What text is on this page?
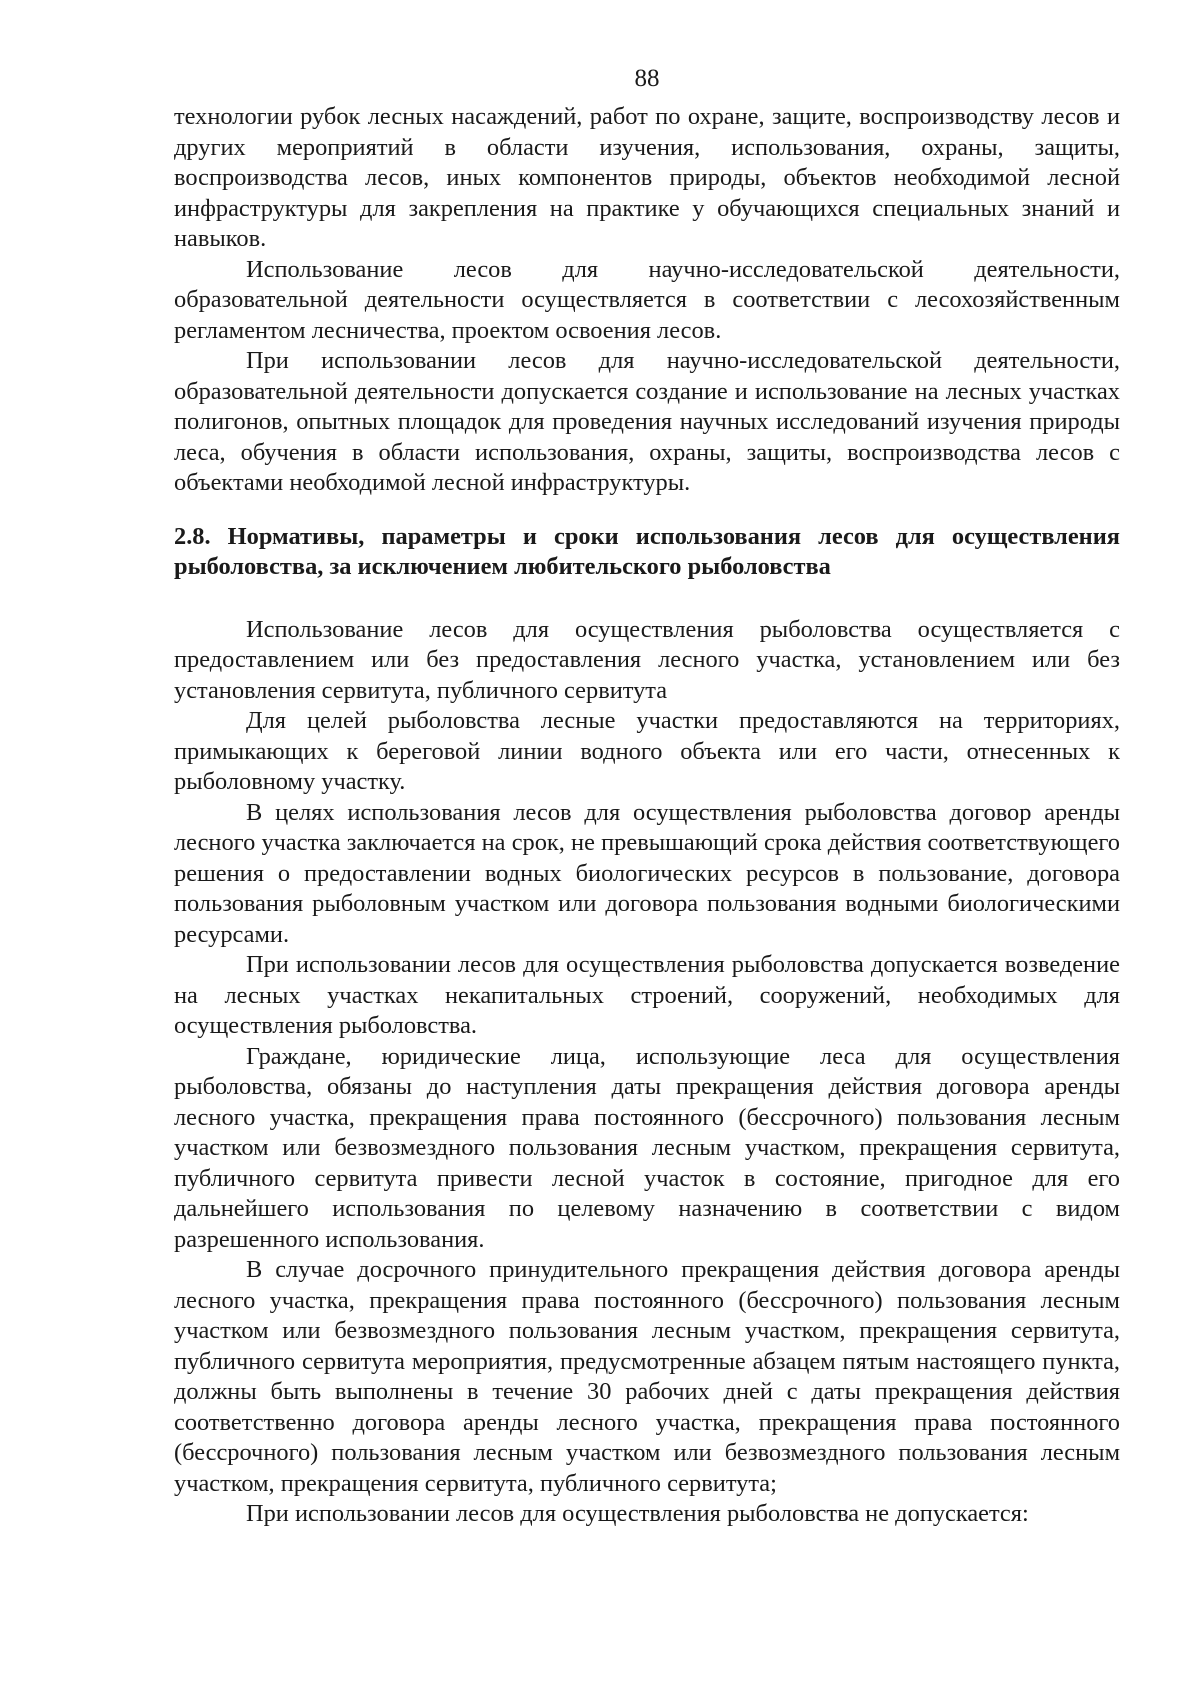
88

технологии рубок лесных насаждений, работ по охране, защите, воспроизводству лесов и других мероприятий в области изучения, использования, охраны, защиты, воспроизводства лесов, иных компонентов природы, объектов необходимой лесной инфраструктуры для закрепления на практике у обучающихся специальных знаний и навыков.

Использование лесов для научно-исследовательской деятельности, образовательной деятельности осуществляется в соответствии с лесохозяйственным регламентом лесничества, проектом освоения лесов.

При использовании лесов для научно-исследовательской деятельности, образовательной деятельности допускается создание и использование на лесных участках полигонов, опытных площадок для проведения научных исследований изучения природы леса, обучения в области использования, охраны, защиты, воспроизводства лесов с объектами необходимой лесной инфраструктуры.

2.8. Нормативы, параметры и сроки использования лесов для осуществления рыболовства, за исключением любительского рыболовства

Использование лесов для осуществления рыболовства осуществляется с предоставлением или без предоставления лесного участка, установлением или без установления сервитута, публичного сервитута

Для целей рыболовства лесные участки предоставляются на территориях, примыкающих к береговой линии водного объекта или его части, отнесенных к рыболовному участку.

В целях использования лесов для осуществления рыболовства договор аренды лесного участка заключается на срок, не превышающий срока действия соответствующего решения о предоставлении водных биологических ресурсов в пользование, договора пользования рыболовным участком или договора пользования водными биологическими ресурсами.

При использовании лесов для осуществления рыболовства допускается возведение на лесных участках некапитальных строений, сооружений, необходимых для осуществления рыболовства.

Граждане, юридические лица, использующие леса для осуществления рыболовства, обязаны до наступления даты прекращения действия договора аренды лесного участка, прекращения права постоянного (бессрочного) пользования лесным участком или безвозмездного пользования лесным участком, прекращения сервитута, публичного сервитута привести лесной участок в состояние, пригодное для его дальнейшего использования по целевому назначению в соответствии с видом разрешенного использования.

В случае досрочного принудительного прекращения действия договора аренды лесного участка, прекращения права постоянного (бессрочного) пользования лесным участком или безвозмездного пользования лесным участком, прекращения сервитута, публичного сервитута мероприятия, предусмотренные абзацем пятым настоящего пункта, должны быть выполнены в течение 30 рабочих дней с даты прекращения действия соответственно договора аренды лесного участка, прекращения права постоянного (бессрочного) пользования лесным участком или безвозмездного пользования лесным участком, прекращения сервитута, публичного сервитута;

При использовании лесов для осуществления рыболовства не допускается:
